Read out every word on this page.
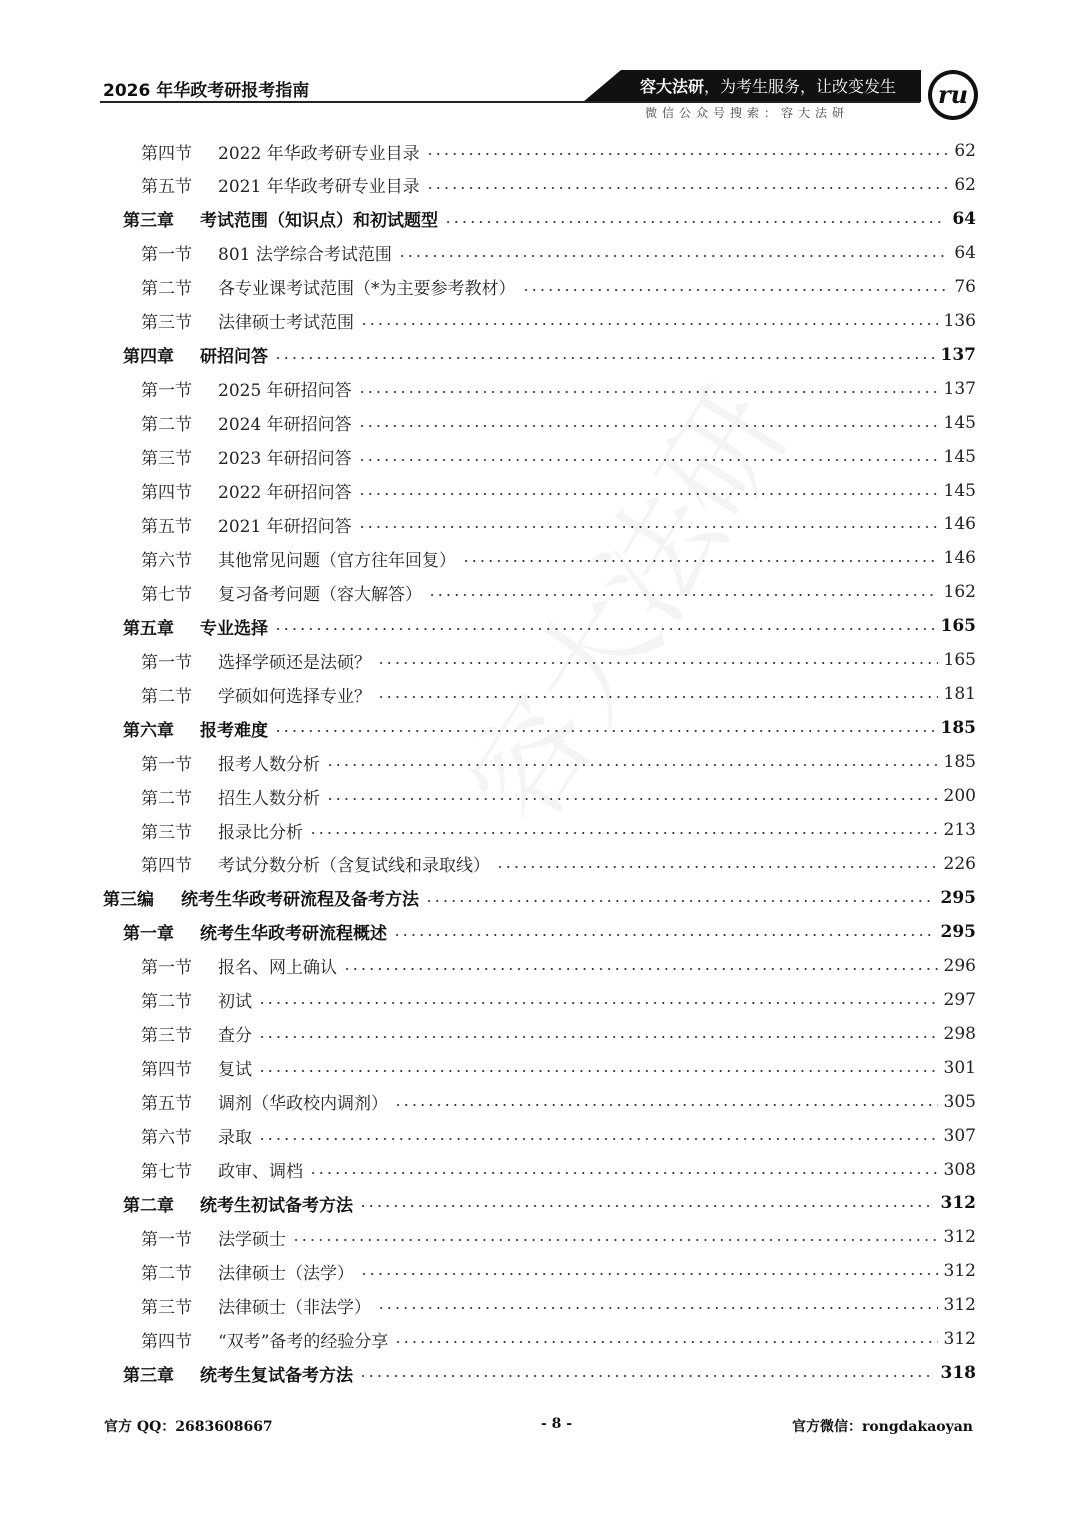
2026 年华政考研报考指南	容大法研，为考生服务，让改变发生
微信公众号搜索：容大法研
ru
第四节	2022 年华政考研专业目录	62
第五节	2021 年华政考研专业目录	62
第三章	考试范围（知识点）和初试题型	64
第一节	801 法学综合考试范围	64
第二节	各专业课考试范围（*为主要参考教材）	76
第三节	法律硕士考试范围	136
第四章	研招问答	137
第一节	2025 年研招问答	137
第二节	2024 年研招问答	145
第三节	2023 年研招问答	145
第四节	2022 年研招问答	145
第五节	2021 年研招问答	146
第六节	其他常见问题（官方往年回复）	146
第七节	复习备考问题（容大解答）	162
第五章	专业选择	165
第一节	选择学硕还是法硕？	165
第二节	学硕如何选择专业？	181
第六章	报考难度	185
第一节	报考人数分析	185
第二节	招生人数分析	200
第三节	报录比分析	213
第四节	考试分数分析（含复试线和录取线）	226
第三编	统考生华政考研流程及备考方法	295
第一章	统考生华政考研流程概述	295
第一节	报名、网上确认	296
第二节	初试	297
第三节	查分	298
第四节	复试	301
第五节	调剂（华政校内调剂）	305
第六节	录取	307
第七节	政审、调档	308
第二章	统考生初试备考方法	312
第一节	法学硕士	312
第二节	法律硕士（法学）	312
第三节	法律硕士（非法学）	312
第四节	“双考”备考的经验分享	312
第三章	统考生复试备考方法	318
官方 QQ：2683608667	- 8 -	官方微信：rongdakaoyan
